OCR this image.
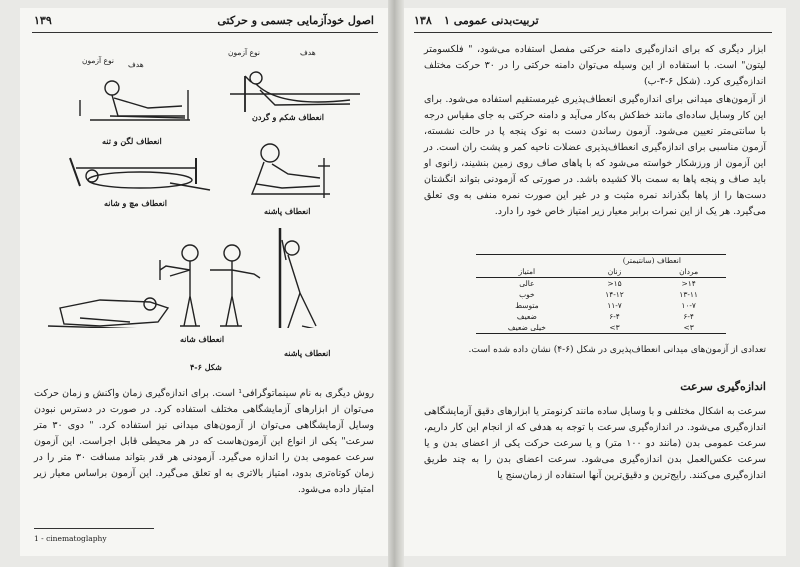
اصول خودآزمایی جسمی و حرکتی
۱۳۹
هدف
نوع آزمون
هدف
نوع آزمون
انعطاف لگن و تنه
انعطاف شکم و گردن
انعطاف مچ و شانه
انعطاف پاشنه
انعطاف شانه
انعطاف پاشنه
شکل ۶-۴
روش دیگری به نام سینماتوگرافی¹ است. برای اندازه‌گیری زمان واکنش و زمان حرکت می‌توان از ابزارهای آزمایشگاهی مختلف استفاده کرد. در صورت در دسترس نبودن وسایل آزمایشگاهی می‌توان از آزمون‌های میدانی نیز استفاده کرد. " دوی ۳۰ متر سرعت" یکی از انواع این آزمون‌هاست که در هر محیطی قابل اجراست. این آزمون سرعت عمومی بدن را اندازه می‌گیرد. آزمودنی هر قدر بتواند مسافت ۳۰ متر را در زمان کوتاه‌تری بدود، امتیاز بالاتری به او تعلق می‌گیرد. این آزمون براساس معیار زیر امتیاز داده می‌شود.
1 - cinematoglaphy
۱۳۸ تربیت‌بدنی عمومی ۱
ابزار دیگری که برای اندازه‌گیری دامنه حرکتی مفصل استفاده می‌شود، " فلکسومتر لیتون" است. با استفاده از این وسیله می‌توان دامنه حرکتی را در ۳۰ حرکت مختلف اندازه‌گیری کرد. (شکل ۶-۳-ب)
از آزمون‌های میدانی برای اندازه‌گیری انعطاف‌پذیری غیرمستقیم استفاده می‌شود. برای این کار وسایل ساده‌ای مانند خط‌کش به‌کار می‌آید و دامنه حرکتی به جای مقیاس درجه با سانتی‌متر تعیین می‌شود. آزمون رساندن دست به نوک پنجه پا در حالت نشسته، آزمون مناسبی برای اندازه‌گیری انعطاف‌پذیری عضلات ناحیه کمر و پشت ران است. در این آزمون از ورزشکار خواسته می‌شود که با پاهای صاف روی زمین بنشیند، زانوی او باید صاف و پنجه پاها به سمت بالا کشیده باشد. در صورتی که آزمودنی بتواند انگشتان دست‌ها را از پاها بگذراند نمره مثبت و در غیر این صورت نمره منفی به وی تعلق می‌گیرد. هر یک از این نمرات برابر معیار زیر امتیاز خاص خود را دارد.
انعطاف (سانتیمتر)		
مردان	زنان	امتیاز
۱۴<	۱۵<	عالی
۱۳-۱۱	۱۴-۱۲	خوب
۱۰-۷	۱۱-۷	متوسط
۶-۴	۶-۴	ضعیف
۳>	۳>	خیلی ضعیف
تعدادی از آزمون‌های میدانی انعطاف‌پذیری در شکل (۶-۴) نشان داده شده است.
اندازه‌گیری سرعت
سرعت به اشکال مختلفی و با وسایل ساده مانند کرنومتر یا ابزارهای دقیق آزمایشگاهی اندازه‌گیری می‌شود. در اندازه‌گیری سرعت با توجه به هدفی که از انجام این کار داریم، سرعت عمومی بدن (مانند دو ۱۰۰ متر) و یا سرعت حرکت یکی از اعضای بدن و یا سرعت عکس‌العمل بدن اندازه‌گیری می‌شود. سرعت اعضای بدن را به چند طریق اندازه‌گیری می‌کنند. رایج‌ترین و دقیق‌ترین آنها استفاده از زمان‌سنج یا
